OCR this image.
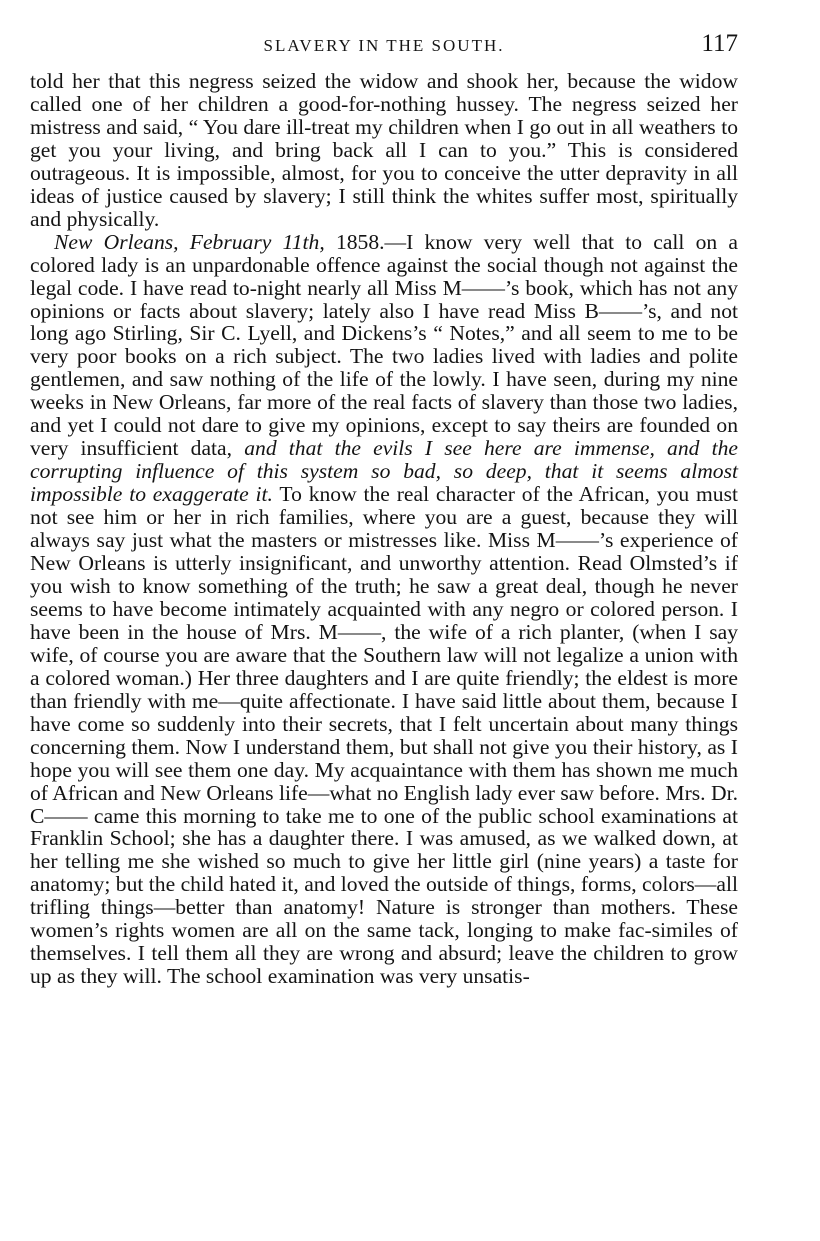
SLAVERY IN THE SOUTH.	117

told her that this negress seized the widow and shook her, because the widow called one of her children a good-for-nothing hussey. The negress seized her mistress and said, “ You dare ill-treat my children when I go out in all weathers to get you your living, and bring back all I can to you.” This is considered outrageous. It is impossible, almost, for you to conceive the utter depravity in all ideas of justice caused by slavery; I still think the whites suffer most, spiritually and physically.

New Orleans, February 11th, 1858.—I know very well that to call on a colored lady is an unpardonable offence against the social though not against the legal code. I have read to-night nearly all Miss M——’s book, which has not any opinions or facts about slavery; lately also I have read Miss B——’s, and not long ago Stirling, Sir C. Lyell, and Dickens’s “ Notes,” and all seem to me to be very poor books on a rich subject. The two ladies lived with ladies and polite gentlemen, and saw nothing of the life of the lowly. I have seen, during my nine weeks in New Orleans, far more of the real facts of slavery than those two ladies, and yet I could not dare to give my opinions, except to say theirs are founded on very insufficient data, and that the evils I see here are immense, and the corrupting influence of this system so bad, so deep, that it seems almost impossible to exaggerate it. To know the real character of the African, you must not see him or her in rich families, where you are a guest, because they will always say just what the masters or mistresses like. Miss M——’s experience of New Orleans is utterly insignificant, and unworthy attention. Read Olmsted’s if you wish to know something of the truth; he saw a great deal, though he never seems to have become intimately acquainted with any negro or colored person. I have been in the house of Mrs. M——, the wife of a rich planter, (when I say wife, of course you are aware that the Southern law will not legalize a union with a colored woman.) Her three daughters and I are quite friendly; the eldest is more than friendly with me—quite affectionate. I have said little about them, because I have come so suddenly into their secrets, that I felt uncertain about many things concerning them. Now I understand them, but shall not give you their history, as I hope you will see them one day. My acquaintance with them has shown me much of African and New Orleans life—what no English lady ever saw before. Mrs. Dr. C—— came this morning to take me to one of the public school examinations at Franklin School; she has a daughter there. I was amused, as we walked down, at her telling me she wished so much to give her little girl (nine years) a taste for anatomy; but the child hated it, and loved the outside of things, forms, colors—all trifling things—better than anatomy! Nature is stronger than mothers. These women’s rights women are all on the same tack, longing to make fac-similes of themselves. I tell them all they are wrong and absurd; leave the children to grow up as they will. The school examination was very unsatis-
